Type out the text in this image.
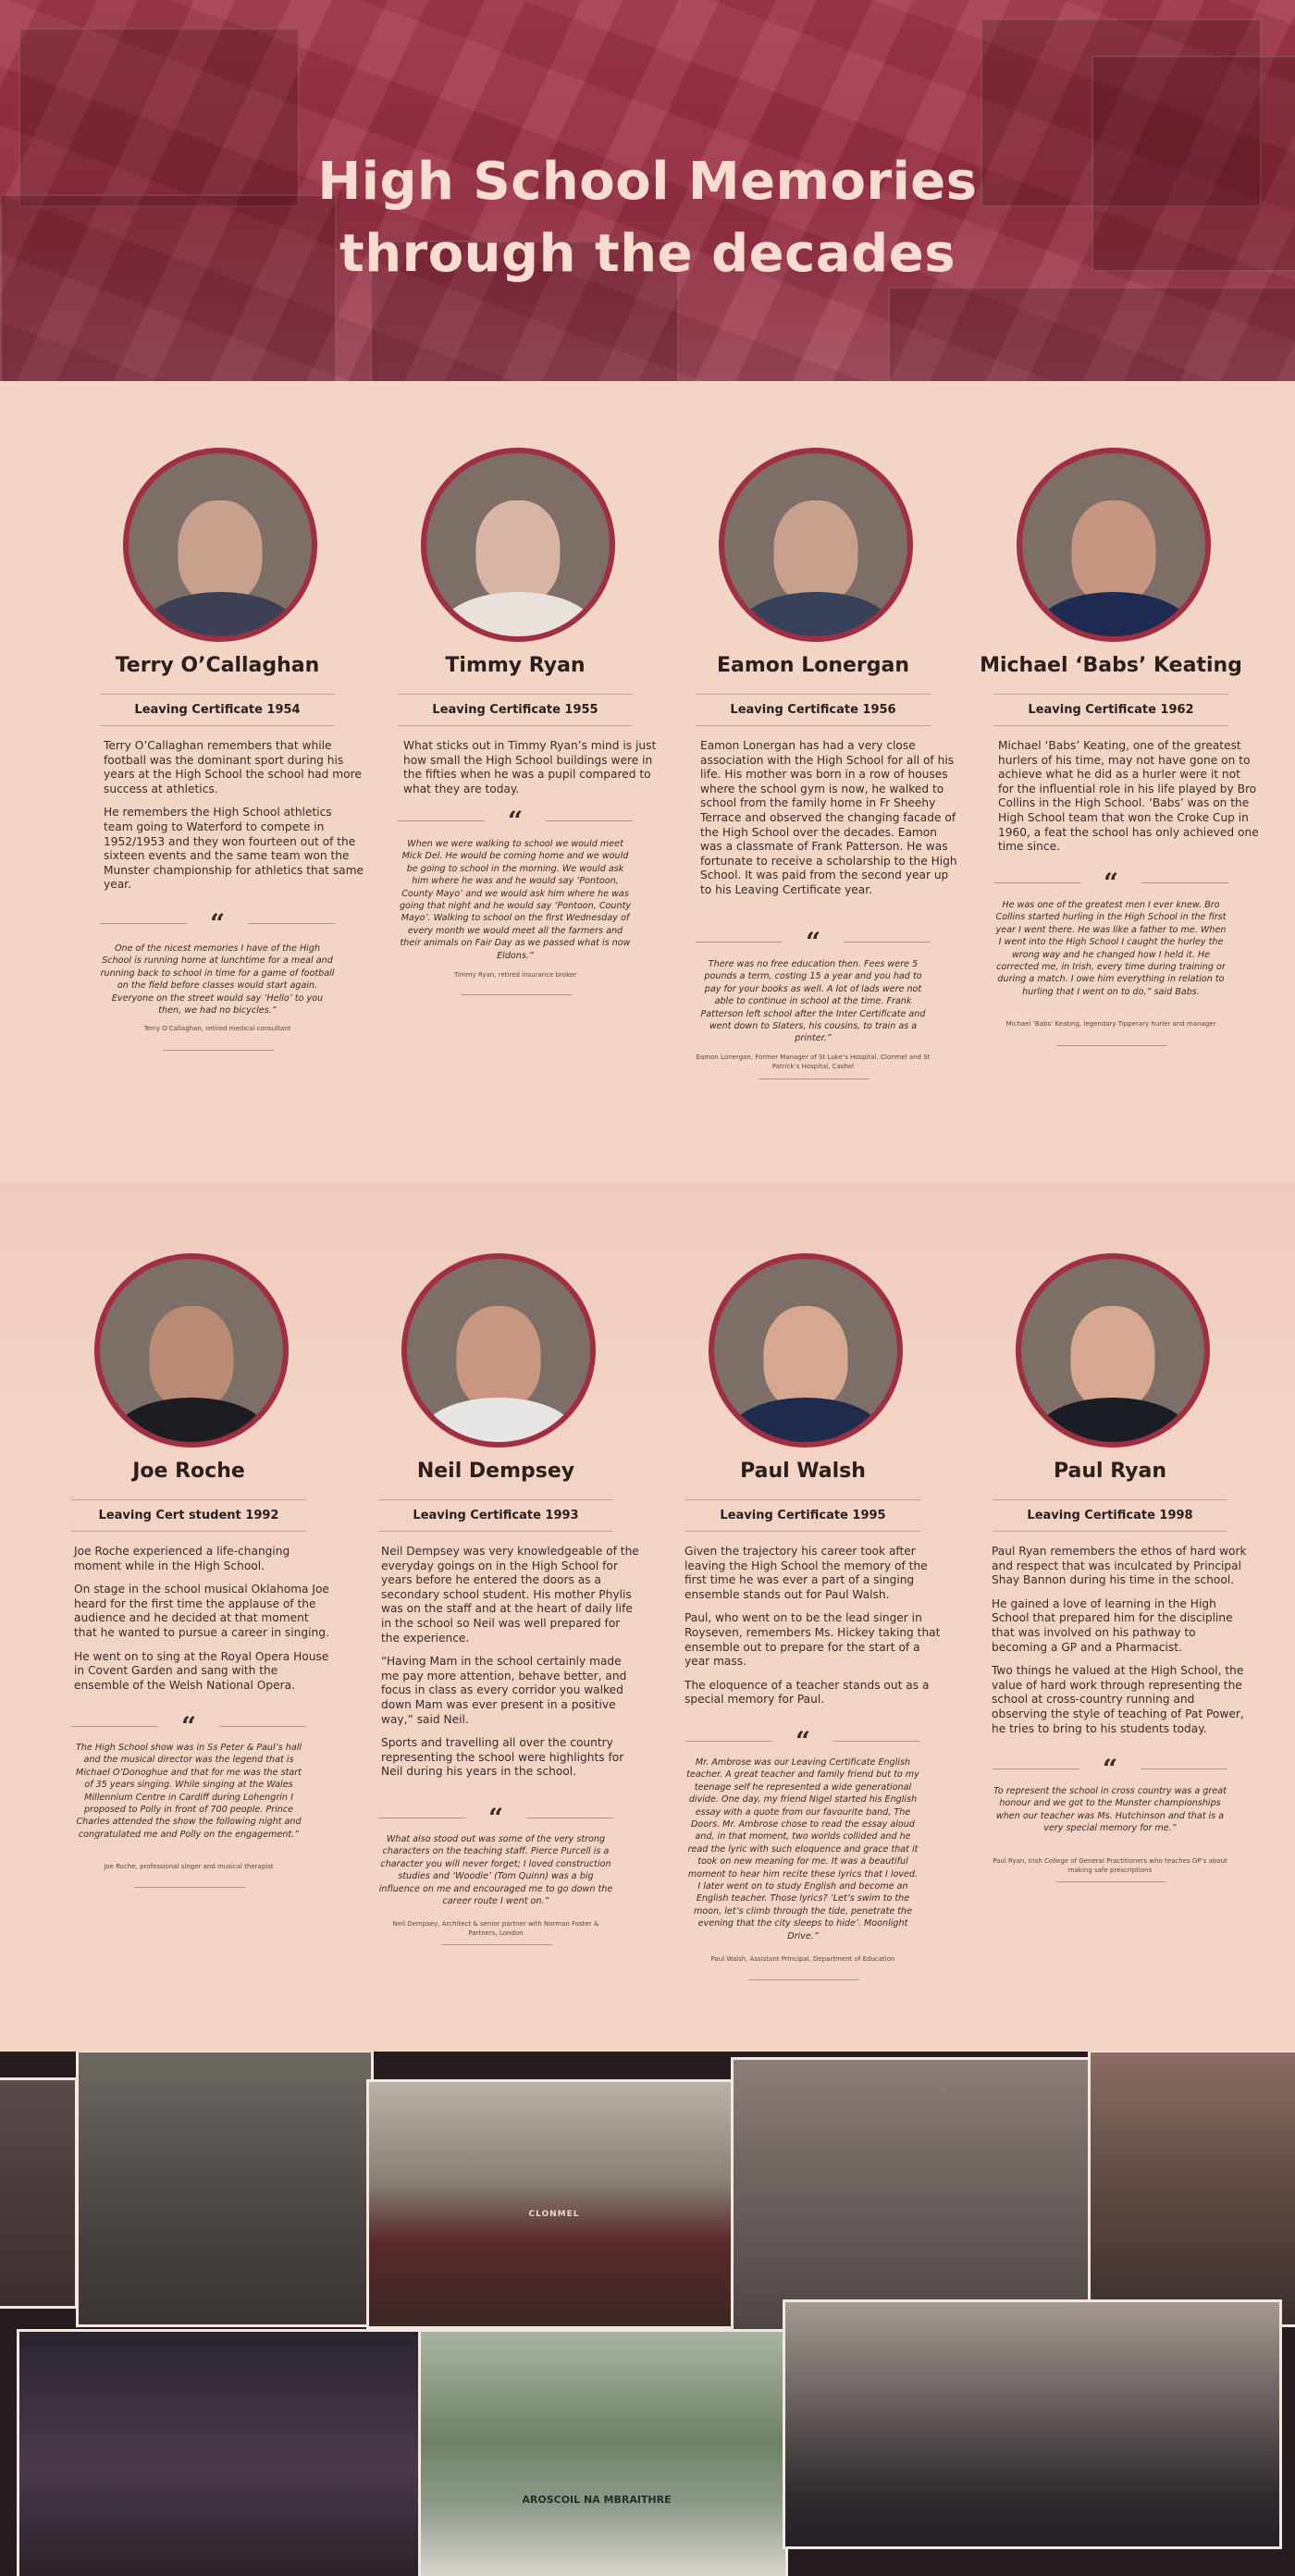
High School Memories
through the decades
Terry O’Callaghan
Leaving Certificate 1954

Terry O’Callaghan remembers that while football was the dominant sport during his years at the High School the school had more success at athletics.

He remembers the High School athletics team going to Waterford to compete in 1952/1953 and they won fourteen out of the sixteen events and the same team won the Munster championship for athletics that same year.

“
One of the nicest memories I have of the High School is running home at lunchtime for a meal and running back to school in time for a game of football on the field before classes would start again. Everyone on the street would say ‘Hello’ to you then, we had no bicycles.”
Terry O’Callaghan, retired medical consultant
Timmy Ryan
Leaving Certificate 1955

What sticks out in Timmy Ryan’s mind is just how small the High School buildings were in the fifties when he was a pupil compared to what they are today.

“
When we were walking to school we would meet Mick Del. He would be coming home and we would be going to school in the morning. We would ask him where he was and he would say ‘Pontoon, County Mayo’ and we would ask him where he was going that night and he would say ‘Pontoon, County Mayo’. Walking to school on the first Wednesday of every month we would meet all the farmers and their animals on Fair Day as we passed what is now Eldons.”
Timmy Ryan, retired insurance broker
Eamon Lonergan
Leaving Certificate 1956

Eamon Lonergan has had a very close association with the High School for all of his life. His mother was born in a row of houses where the school gym is now, he walked to school from the family home in Fr Sheehy Terrace and observed the changing facade of the High School over the decades. Eamon was a classmate of Frank Patterson. He was fortunate to receive a scholarship to the High School. It was paid from the second year up to his Leaving Certificate year.

“
There was no free education then. Fees were 5 pounds a term, costing 15 a year and you had to pay for your books as well. A lot of lads were not able to continue in school at the time. Frank Patterson left school after the Inter Certificate and went down to Slaters, his cousins, to train as a printer.”
Eamon Lonergan, Former Manager of St Luke’s Hospital, Clonmel and St Patrick’s Hospital, Cashel
Michael ‘Babs’ Keating
Leaving Certificate 1962

Michael ‘Babs’ Keating, one of the greatest hurlers of his time, may not have gone on to achieve what he did as a hurler were it not for the influential role in his life played by Bro Collins in the High School. ‘Babs’ was on the High School team that won the Croke Cup in 1960, a feat the school has only achieved one time since.

“
He was one of the greatest men I ever knew. Bro Collins started hurling in the High School in the first year I went there. He was like a father to me. When I went into the High School I caught the hurley the wrong way and he changed how I held it. He corrected me, in Irish, every time during training or during a match. I owe him everything in relation to hurling that I went on to do,” said Babs.
Michael ‘Babs’ Keating, legendary Tipperary hurler and manager
Joe Roche
Leaving Cert student 1992

Joe Roche experienced a life-changing moment while in the High School.

On stage in the school musical Oklahoma Joe heard for the first time the applause of the audience and he decided at that moment that he wanted to pursue a career in singing.

He went on to sing at the Royal Opera House in Covent Garden and sang with the ensemble of the Welsh National Opera.

“
The High School show was in Ss Peter & Paul’s hall and the musical director was the legend that is Michael O’Donoghue and that for me was the start of 35 years singing. While singing at the Wales Millennium Centre in Cardiff during Lohengrin I proposed to Polly in front of 700 people. Prince Charles attended the show the following night and congratulated me and Polly on the engagement.”
Joe Roche, professional singer and musical therapist
Neil Dempsey
Leaving Certificate 1993

Neil Dempsey was very knowledgeable of the everyday goings on in the High School for years before he entered the doors as a secondary school student. His mother Phylis was on the staff and at the heart of daily life in the school so Neil was well prepared for the experience.

“Having Mam in the school certainly made me pay more attention, behave better, and focus in class as every corridor you walked down Mam was ever present in a positive way,” said Neil.

Sports and travelling all over the country representing the school were highlights for Neil during his years in the school.

“
What also stood out was some of the very strong characters on the teaching staff. Pierce Purcell is a character you will never forget; I loved construction studies and ‘Woodie’ (Tom Quinn) was a big influence on me and encouraged me to go down the career route I went on.”
Neil Dempsey, Architect & senior partner with Norman Foster & Partners, London
Paul Walsh
Leaving Certificate 1995

Given the trajectory his career took after leaving the High School the memory of the first time he was ever a part of a singing ensemble stands out for Paul Walsh.

Paul, who went on to be the lead singer in Royseven, remembers Ms. Hickey taking that ensemble out to prepare for the start of a year mass.

The eloquence of a teacher stands out as a special memory for Paul.

“
Mr. Ambrose was our Leaving Certificate English teacher. A great teacher and family friend but to my teenage self he represented a wide generational divide. One day, my friend Nigel started his English essay with a quote from our favourite band, The Doors. Mr. Ambrose chose to read the essay aloud and, in that moment, two worlds collided and he read the lyric with such eloquence and grace that it took on new meaning for me. It was a beautiful moment to hear him recite these lyrics that I loved. I later went on to study English and become an English teacher. Those lyrics? ‘Let’s swim to the moon, let’s climb through the tide, penetrate the evening that the city sleeps to hide’. Moonlight Drive.”
Paul Walsh, Assistant Principal, Department of Education
Paul Ryan
Leaving Certificate 1998

Paul Ryan remembers the ethos of hard work and respect that was inculcated by Principal Shay Bannon during his time in the school.

He gained a love of learning in the High School that prepared him for the discipline that was involved on his pathway to becoming a GP and a Pharmacist.

Two things he valued at the High School, the value of hard work through representing the school at cross-country running and observing the style of teaching of Pat Power, he tries to bring to his students today.

“
To represent the school in cross country was a great honour and we got to the Munster championships when our teacher was Ms. Hutchinson and that is a very special memory for me.”
Paul Ryan, Irish College of General Practitioners who teaches GP’s about making safe prescriptions
CLONMEL
AROSCOIL NA MBRAITHRE
